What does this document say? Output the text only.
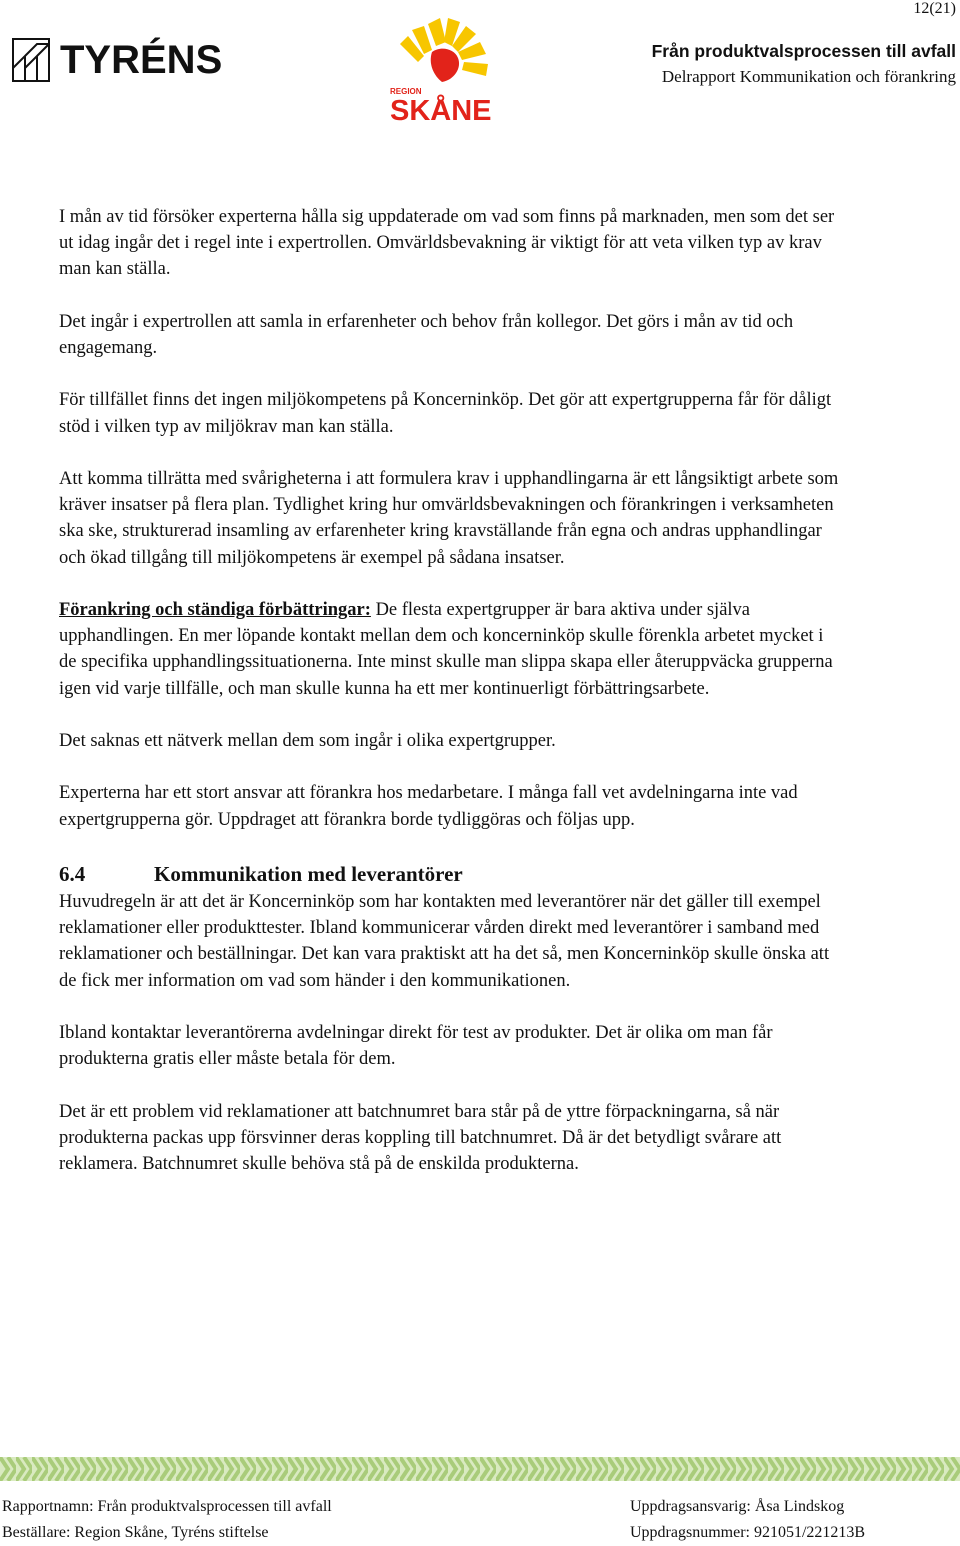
12(21)
TYRÉNS
REGION
SKÅNE
Från produktvalsprocessen till avfall
Delrapport Kommunikation och förankring

I mån av tid försöker experterna hålla sig uppdaterade om vad som finns på marknaden, men som det ser ut idag ingår det i regel inte i expertrollen. Omvärldsbevakning är viktigt för att veta vilken typ av krav man kan ställa.

Det ingår i expertrollen att samla in erfarenheter och behov från kollegor. Det görs i mån av tid och engagemang.

För tillfället finns det ingen miljökompetens på Koncerninköp. Det gör att expertgrupperna får för dåligt stöd i vilken typ av miljökrav man kan ställa.

Att komma tillrätta med svårigheterna i att formulera krav i upphandlingarna är ett långsiktigt arbete som kräver insatser på flera plan. Tydlighet kring hur omvärldsbevakningen och förankringen i verksamheten ska ske, strukturerad insamling av erfarenheter kring kravställande från egna och andras upphandlingar och ökad tillgång till miljökompetens är exempel på sådana insatser.

Förankring och ständiga förbättringar: De flesta expertgrupper är bara aktiva under själva upphandlingen. En mer löpande kontakt mellan dem och koncerninköp skulle förenkla arbetet mycket i de specifika upphandlingssituationerna. Inte minst skulle man slippa skapa eller återuppväcka grupperna igen vid varje tillfälle, och man skulle kunna ha ett mer kontinuerligt förbättringsarbete.

Det saknas ett nätverk mellan dem som ingår i olika expertgrupper.

Experterna har ett stort ansvar att förankra hos medarbetare. I många fall vet avdelningarna inte vad expertgrupperna gör. Uppdraget att förankra borde tydliggöras och följas upp.

6.4	Kommunikation med leverantörer

Huvudregeln är att det är Koncerninköp som har kontakten med leverantörer när det gäller till exempel reklamationer eller produkttester. Ibland kommunicerar vården direkt med leverantörer i samband med reklamationer och beställningar. Det kan vara praktiskt att ha det så, men Koncerninköp skulle önska att de fick mer information om vad som händer i den kommunikationen.

Ibland kontaktar leverantörerna avdelningar direkt för test av produkter. Det är olika om man får produkterna gratis eller måste betala för dem.

Det är ett problem vid reklamationer att batchnumret bara står på de yttre förpackningarna, så när produkterna packas upp försvinner deras koppling till batchnumret. Då är det betydligt svårare att reklamera. Batchnumret skulle behöva stå på de enskilda produkterna.

Rapportnamn: Från produktvalsprocessen till avfall
Beställare: Region Skåne, Tyréns stiftelse
Uppdragsansvarig: Åsa Lindskog
Uppdragsnummer: 921051/221213B
